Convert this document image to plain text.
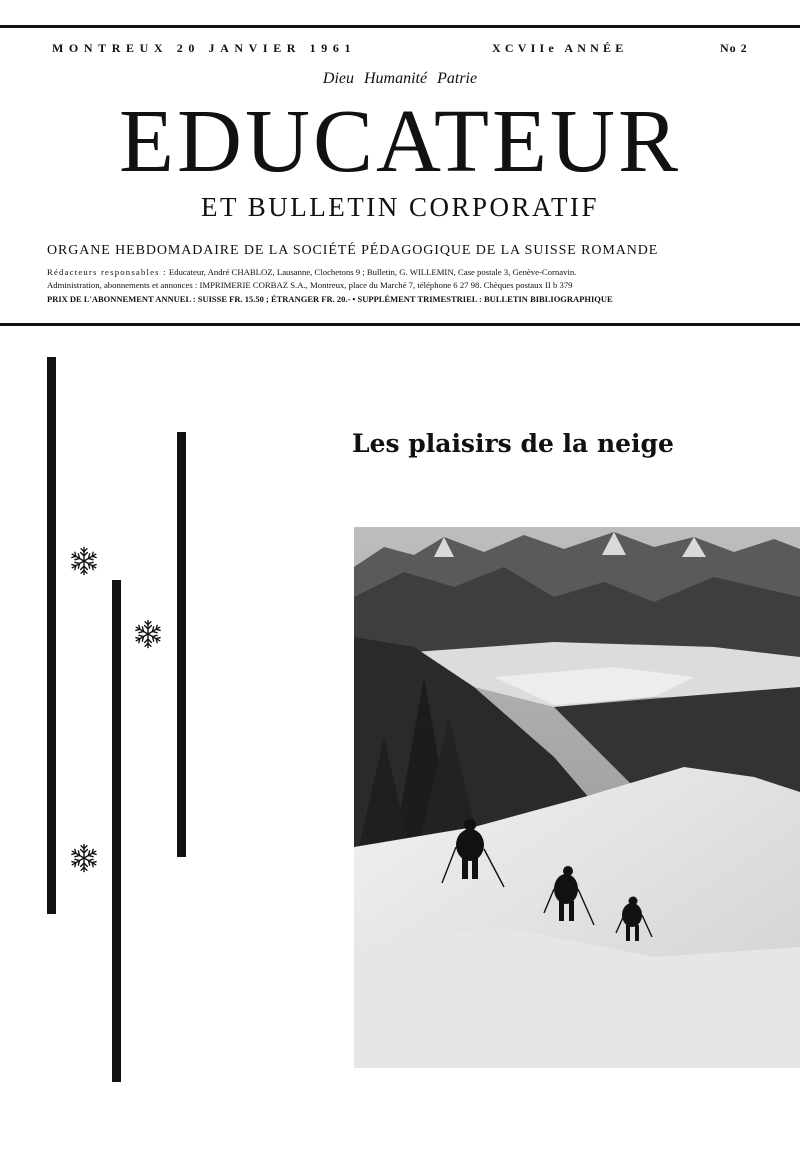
MONTREUX 20 JANVIER 1961	XCVIIe ANNÉE	No 2
Dieu Humanité Patrie
EDUCATEUR
ET BULLETIN CORPORATIF
ORGANE HEBDOMADAIRE DE LA SOCIÉTÉ PÉDAGOGIQUE DE LA SUISSE ROMANDE
Rédacteurs responsables : Educateur, André CHABLOZ, Lausanne, Clochetons 9 ; Bulletin, G. WILLEMIN, Case postale 3, Genève-Cornavin.
Administration, abonnements et annonces : IMPRIMERIE CORBAZ S.A., Montreux, place du Marché 7, téléphone 6 27 98. Chèques postaux II b 379
PRIX DE L'ABONNEMENT ANNUEL : SUISSE FR. 15.50 ; ÉTRANGER FR. 20.- • SUPPLÉMENT TRIMESTRIEL : BULLETIN BIBLIOGRAPHIQUE
Les plaisirs de la neige
